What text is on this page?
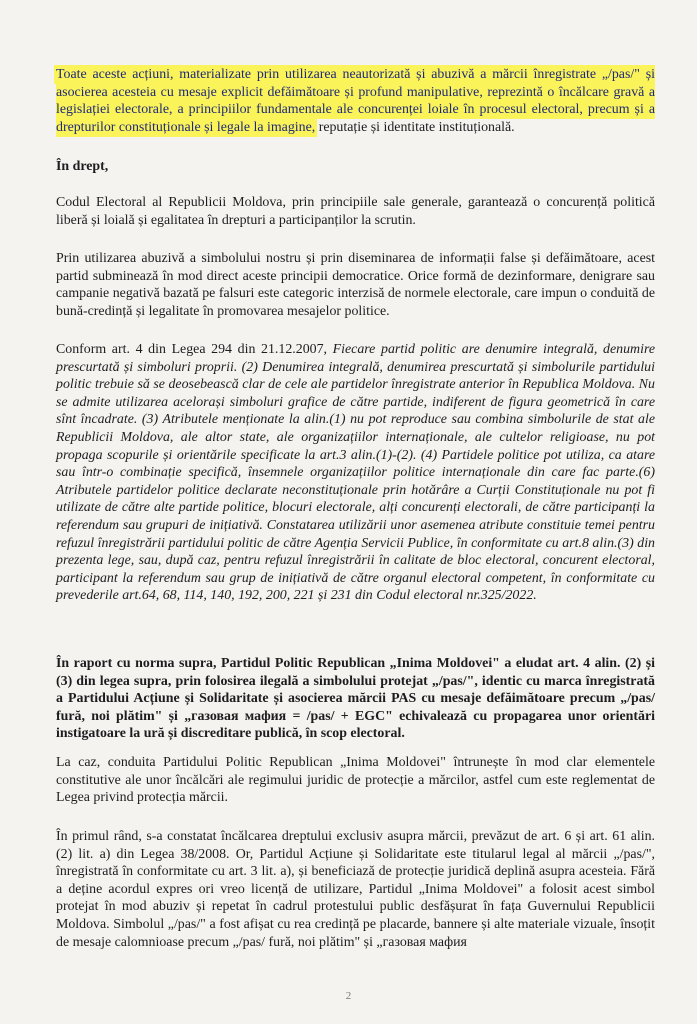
Toate aceste acțiuni, materializate prin utilizarea neautorizată și abuzivă a mărcii înregistrate „/pas/" și asocierea acesteia cu mesaje explicit defăimătoare și profund manipulative, reprezintă o încălcare gravă a legislației electorale, a principiilor fundamentale ale concurenței loiale în procesul electoral, precum și a drepturilor constituționale și legale la imagine, reputație și identitate instituțională.

În drept,

Codul Electoral al Republicii Moldova, prin principiile sale generale, garantează o concurență politică liberă și loială și egalitatea în drepturi a participanților la scrutin.

Prin utilizarea abuzivă a simbolului nostru și prin diseminarea de informații false și defăimătoare, acest partid subminează în mod direct aceste principii democratice. Orice formă de dezinformare, denigrare sau campanie negativă bazată pe falsuri este categoric interzisă de normele electorale, care impun o conduită de bună-credință și legalitate în promovarea mesajelor politice.

Conform art. 4 din Legea 294 din 21.12.2007, Fiecare partid politic are denumire integrală, denumire prescurtată și simboluri proprii. (2) Denumirea integrală, denumirea prescurtată și simbolurile partidului politic trebuie să se deosebească clar de cele ale partidelor înregistrate anterior în Republica Moldova. Nu se admite utilizarea acelorași simboluri grafice de către partide, indiferent de figura geometrică în care sînt încadrate. (3) Atributele menționate la alin.(1) nu pot reproduce sau combina simbolurile de stat ale Republicii Moldova, ale altor state, ale organizațiilor internaționale, ale cultelor religioase, nu pot propaga scopurile și orientările specificate la art.3 alin.(1)-(2). (4) Partidele politice pot utiliza, ca atare sau într-o combinație specifică, însemnele organizațiilor politice internaționale din care fac parte.(6) Atributele partidelor politice declarate neconstituționale prin hotărâre a Curții Constituționale nu pot fi utilizate de către alte partide politice, blocuri electorale, alți concurenți electorali, de către participanți la referendum sau grupuri de inițiativă. Constatarea utilizării unor asemenea atribute constituie temei pentru refuzul înregistrării partidului politic de către Agenția Servicii Publice, în conformitate cu art.8 alin.(3) din prezenta lege, sau, după caz, pentru refuzul înregistrării în calitate de bloc electoral, concurent electoral, participant la referendum sau grup de inițiativă de către organul electoral competent, în conformitate cu prevederile art.64, 68, 114, 140, 192, 200, 221 și 231 din Codul electoral nr.325/2022.

În raport cu norma supra, Partidul Politic Republican „Inima Moldovei" a eludat art. 4 alin. (2) și (3) din legea supra, prin folosirea ilegală a simbolului protejat „/pas/", identic cu marca înregistrată a Partidului Acțiune și Solidaritate și asocierea mărcii PAS cu mesaje defăimătoare precum „/pas/ fură, noi plătim" și „газовая мафия = /pas/ + EGC" echivalează cu propagarea unor orientări instigatoare la ură și discreditare publică, în scop electoral.

La caz, conduita Partidului Politic Republican „Inima Moldovei" întrunește în mod clar elementele constitutive ale unor încălcări ale regimului juridic de protecție a mărcilor, astfel cum este reglementat de Legea privind protecția mărcii.

În primul rând, s-a constatat încălcarea dreptului exclusiv asupra mărcii, prevăzut de art. 6 și art. 61 alin. (2) lit. a) din Legea 38/2008. Or, Partidul Acțiune și Solidaritate este titularul legal al mărcii „/pas/", înregistrată în conformitate cu art. 3 lit. a), și beneficiază de protecție juridică deplină asupra acesteia. Fără a deține acordul expres ori vreo licență de utilizare, Partidul „Inima Moldovei" a folosit acest simbol protejat în mod abuziv și repetat în cadrul protestului public desfășurat în fața Guvernului Republicii Moldova. Simbolul „/pas/" a fost afișat cu rea credință pe placarde, bannere și alte materiale vizuale, însoțit de mesaje calomnioase precum „/pas/ fură, noi plătim" și „газовая мафия

2
